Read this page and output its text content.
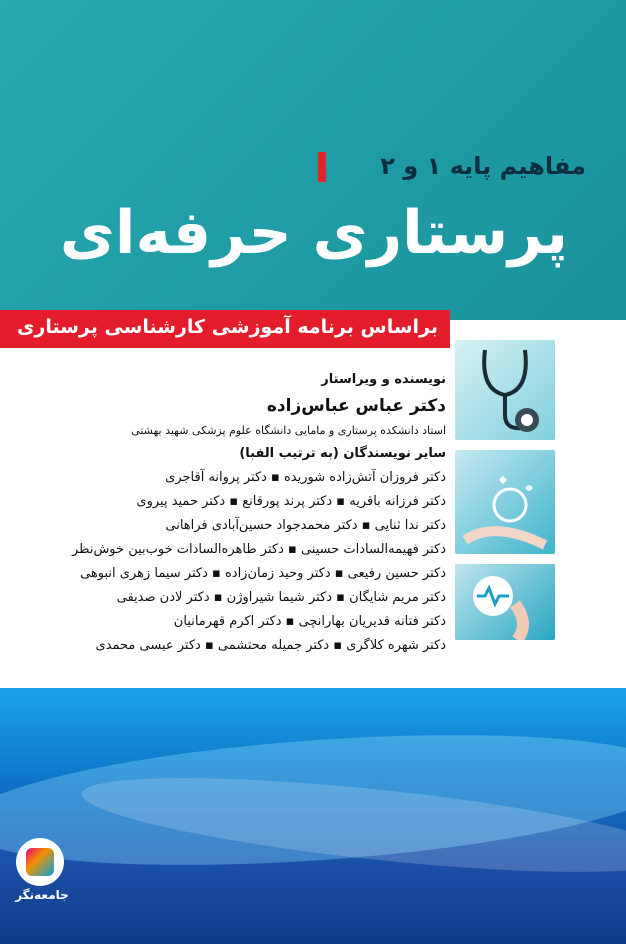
مفاهیم پایه ۱ و ۲
پرستاری حرفه‌ای
براساس برنامه آموزشی کارشناسی پرستاری
نویسنده و ویراستار
دکتر عباس عباس‌زاده
استاد دانشکده پرستاری و مامایی دانشگاه علوم پزشکی شهید بهشتی
سایر نویسندگان (به ترتیب الفبا)
دکتر فروزان آتش‌زاده شوریده ▪ دکتر پروانه آقاجری
دکتر فرزانه باقریه ▪ دکتر پرند پورقانع ▪ دکتر حمید پیروی
دکتر ندا ثنایی ▪ دکتر محمدجواد حسین‌آبادی فراهانی
دکتر فهیمه‌السادات حسینی ▪ دکتر طاهره‌السادات خوب‌بین خوش‌نظر
دکتر حسین رفیعی ▪ دکتر وحید زمان‌زاده ▪ دکتر سیما زهری انبوهی
دکتر مریم شایگان ▪ دکتر شیما شیراوژن ▪ دکتر لادن صدیقی
دکتر فتانه قدیریان بهارانچی ▪ دکتر اکرم قهرمانیان
دکتر شهره کلاگری ▪ دکتر جمیله محتشمی ▪ دکتر عیسی محمدی
جامعه‌نگر
